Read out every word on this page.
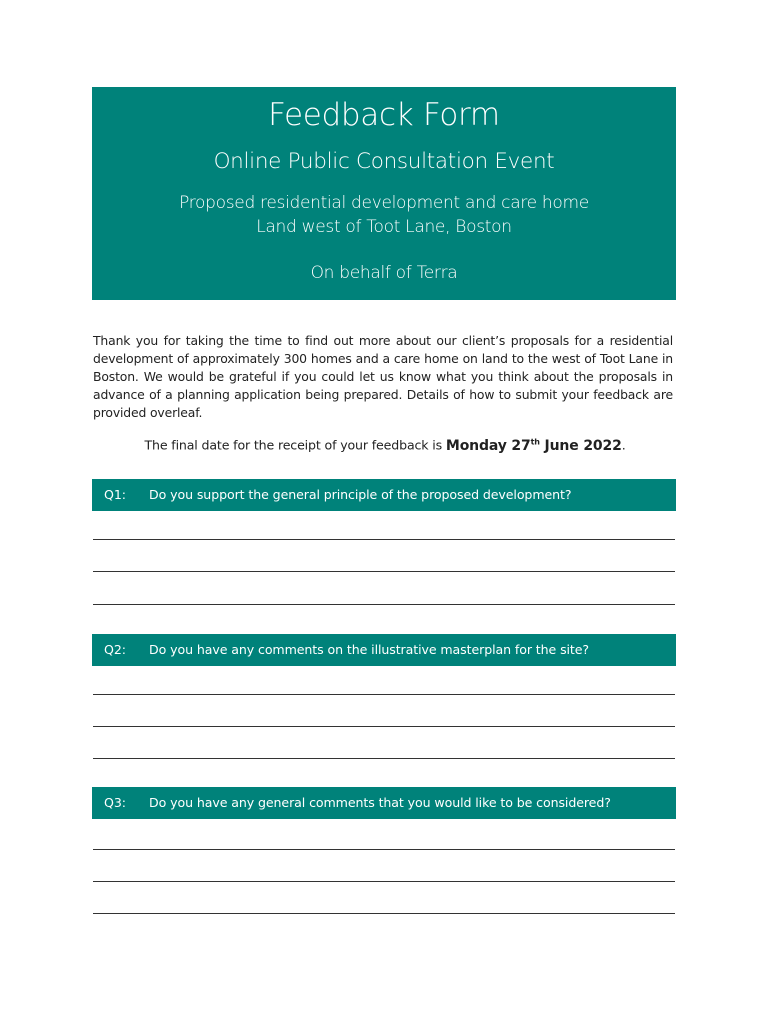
Feedback Form
Online Public Consultation Event
Proposed residential development and care home
Land west of Toot Lane, Boston
On behalf of Terra
Thank you for taking the time to find out more about our client’s proposals for a residential development of approximately 300 homes and a care home on land to the west of Toot Lane in Boston. We would be grateful if you could let us know what you think about the proposals in advance of a planning application being prepared. Details of how to submit your feedback are provided overleaf.
The final date for the receipt of your feedback is Monday 27th June 2022.
Q1: Do you support the general principle of the proposed development?
Q2: Do you have any comments on the illustrative masterplan for the site?
Q3: Do you have any general comments that you would like to be considered?
